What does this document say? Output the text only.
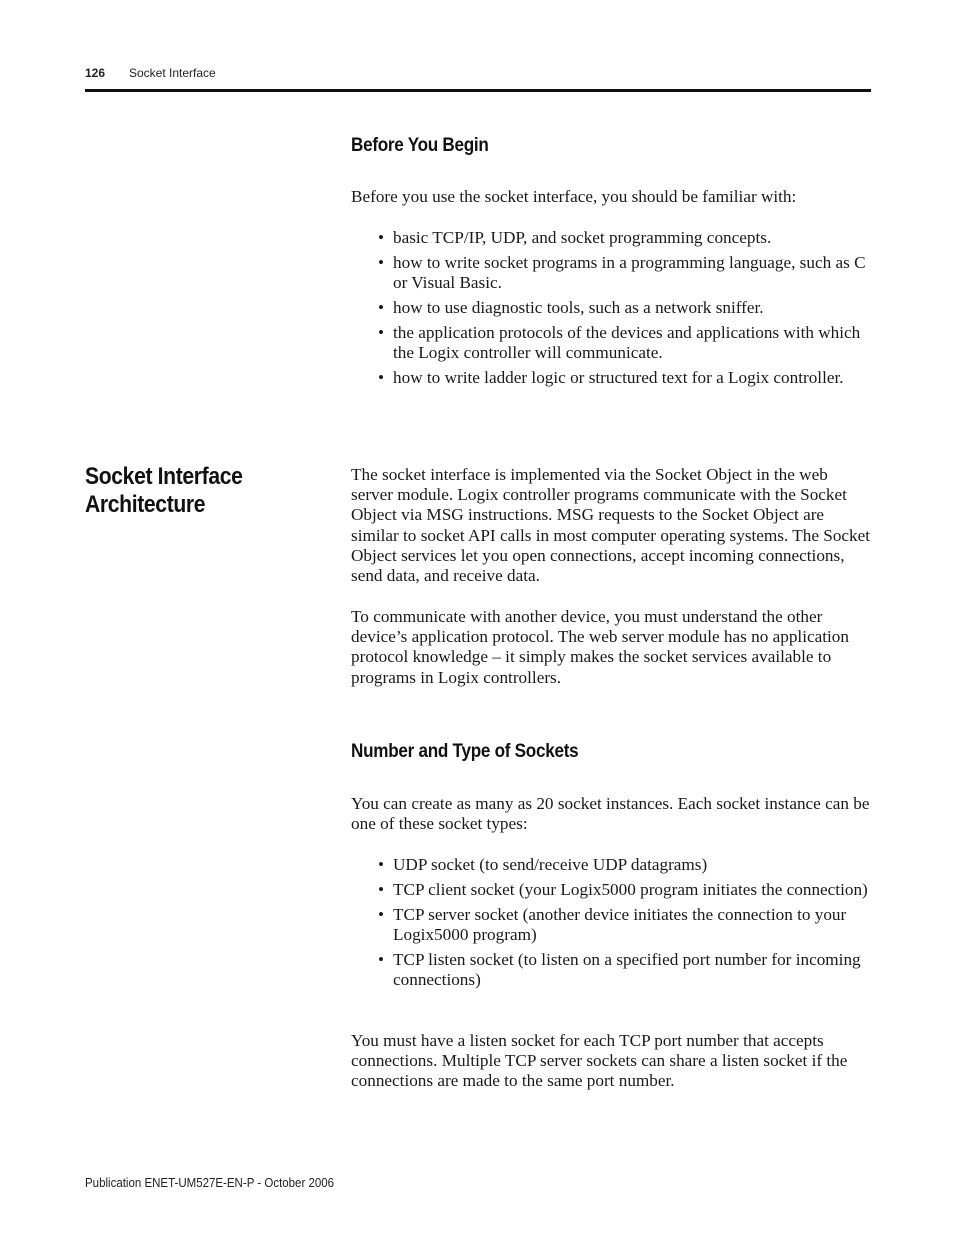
126 Socket Interface
Before You Begin
Before you use the socket interface, you should be familiar with:
• basic TCP/IP, UDP, and socket programming concepts.
• how to write socket programs in a programming language, such as C or Visual Basic.
• how to use diagnostic tools, such as a network sniffer.
• the application protocols of the devices and applications with which the Logix controller will communicate.
• how to write ladder logic or structured text for a Logix controller.
Socket Interface Architecture
The socket interface is implemented via the Socket Object in the web server module. Logix controller programs communicate with the Socket Object via MSG instructions. MSG requests to the Socket Object are similar to socket API calls in most computer operating systems. The Socket Object services let you open connections, accept incoming connections, send data, and receive data.
To communicate with another device, you must understand the other device’s application protocol. The web server module has no application protocol knowledge – it simply makes the socket services available to programs in Logix controllers.
Number and Type of Sockets
You can create as many as 20 socket instances. Each socket instance can be one of these socket types:
• UDP socket (to send/receive UDP datagrams)
• TCP client socket (your Logix5000 program initiates the connection)
• TCP server socket (another device initiates the connection to your Logix5000 program)
• TCP listen socket (to listen on a specified port number for incoming connections)
You must have a listen socket for each TCP port number that accepts connections. Multiple TCP server sockets can share a listen socket if the connections are made to the same port number.
Publication ENET-UM527E-EN-P - October 2006
